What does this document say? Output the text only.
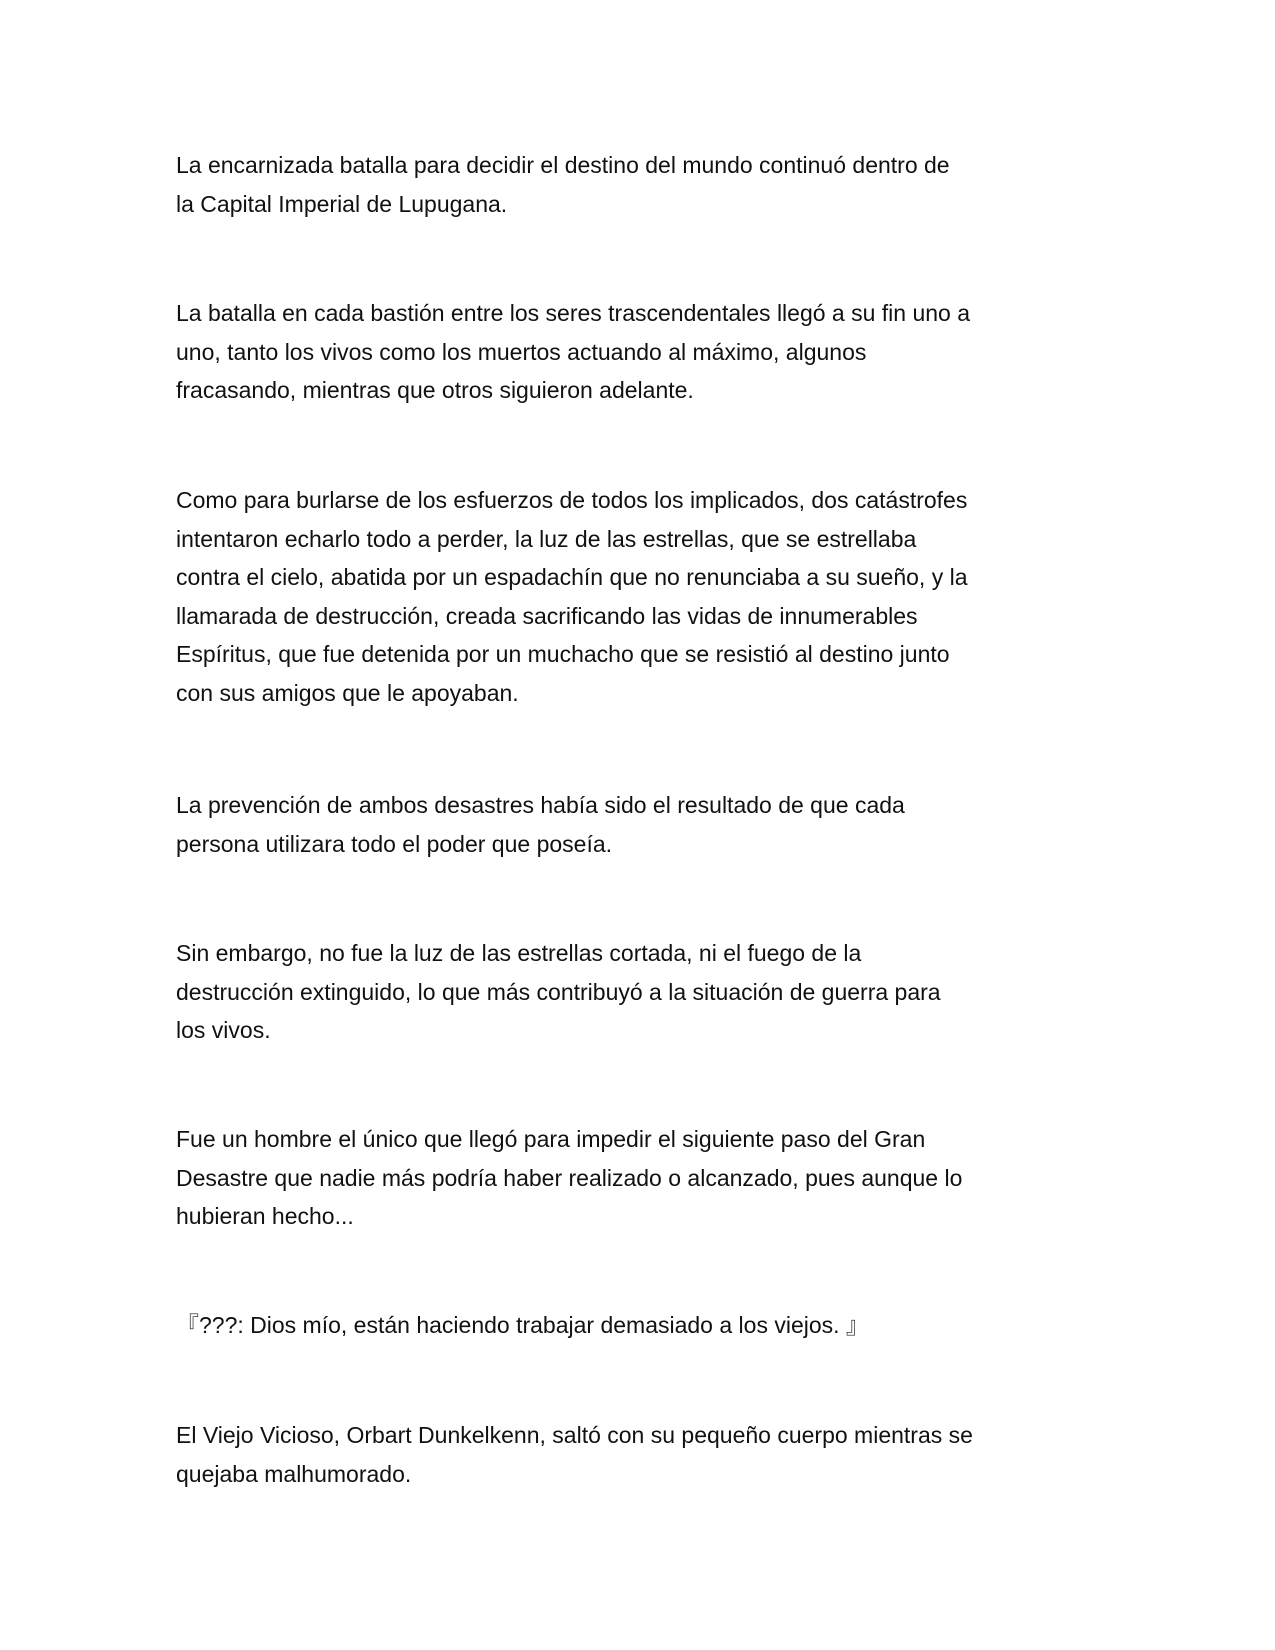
La encarnizada batalla para decidir el destino del mundo continuó dentro de
la Capital Imperial de Lupugana.

La batalla en cada bastión entre los seres trascendentales llegó a su fin uno a
uno, tanto los vivos como los muertos actuando al máximo, algunos
fracasando, mientras que otros siguieron adelante.

Como para burlarse de los esfuerzos de todos los implicados, dos catástrofes
intentaron echarlo todo a perder, la luz de las estrellas, que se estrellaba
contra el cielo, abatida por un espadachín que no renunciaba a su sueño, y la
llamarada de destrucción, creada sacrificando las vidas de innumerables
Espíritus, que fue detenida por un muchacho que se resistió al destino junto
con sus amigos que le apoyaban.

La prevención de ambos desastres había sido el resultado de que cada
persona utilizara todo el poder que poseía.

Sin embargo, no fue la luz de las estrellas cortada, ni el fuego de la
destrucción extinguido, lo que más contribuyó a la situación de guerra para
los vivos.

Fue un hombre el único que llegó para impedir el siguiente paso del Gran
Desastre que nadie más podría haber realizado o alcanzado, pues aunque lo
hubieran hecho...

『???: Dios mío, están haciendo trabajar demasiado a los viejos. 』

El Viejo Vicioso, Orbart Dunkelkenn, saltó con su pequeño cuerpo mientras se
quejaba malhumorado.
